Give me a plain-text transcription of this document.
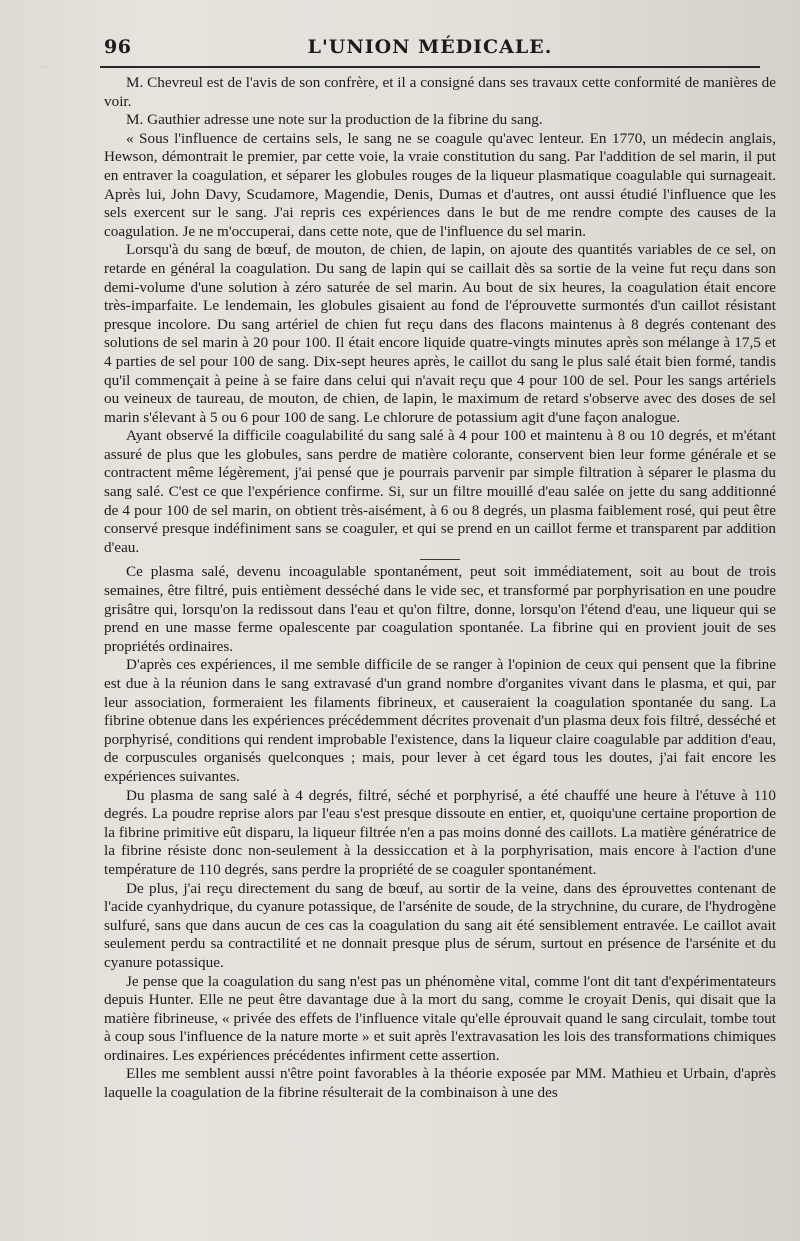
~
96	L'UNION MÉDICALE.

M. Chevreul est de l'avis de son confrère, et il a consigné dans ses travaux cette conformité de manières de voir.

M. Gauthier adresse une note sur la production de la fibrine du sang.

« Sous l'influence de certains sels, le sang ne se coagule qu'avec lenteur. En 1770, un médecin anglais, Hewson, démontrait le premier, par cette voie, la vraie constitution du sang. Par l'addition de sel marin, il put en entraver la coagulation, et séparer les globules rouges de la liqueur plasmatique coagulable qui surnageait. Après lui, John Davy, Scudamore, Magendie, Denis, Dumas et d'autres, ont aussi étudié l'influence que les sels exercent sur le sang. J'ai repris ces expériences dans le but de me rendre compte des causes de la coagulation. Je ne m'occuperai, dans cette note, que de l'influence du sel marin.

Lorsqu'à du sang de bœuf, de mouton, de chien, de lapin, on ajoute des quantités variables de ce sel, on retarde en général la coagulation. Du sang de lapin qui se caillait dès sa sortie de la veine fut reçu dans son demi-volume d'une solution à zéro saturée de sel marin. Au bout de six heures, la coagulation était encore très-imparfaite. Le lendemain, les globules gisaient au fond de l'éprouvette surmontés d'un caillot résistant presque incolore. Du sang artériel de chien fut reçu dans des flacons maintenus à 8 degrés contenant des solutions de sel marin à 20 pour 100. Il était encore liquide quatre-vingts minutes après son mélange à 17,5 et 4 parties de sel pour 100 de sang. Dix-sept heures après, le caillot du sang le plus salé était bien formé, tandis qu'il commençait à peine à se faire dans celui qui n'avait reçu que 4 pour 100 de sel. Pour les sangs artériels ou veineux de taureau, de mouton, de chien, de lapin, le maximum de retard s'observe avec des doses de sel marin s'élevant à 5 ou 6 pour 100 de sang. Le chlorure de potassium agit d'une façon analogue.

Ayant observé la difficile coagulabilité du sang salé à 4 pour 100 et maintenu à 8 ou 10 degrés, et m'étant assuré de plus que les globules, sans perdre de matière colorante, conservent bien leur forme générale et se contractent même légèrement, j'ai pensé que je pourrais parvenir par simple filtration à séparer le plasma du sang salé. C'est ce que l'expérience confirme. Si, sur un filtre mouillé d'eau salée on jette du sang additionné de 4 pour 100 de sel marin, on obtient très-aisément, à 6 ou 8 degrés, un plasma faiblement rosé, qui peut être conservé presque indéfiniment sans se coaguler, et qui se prend en un caillot ferme et transparent par addition d'eau.

Ce plasma salé, devenu incoagulable spontanément, peut soit immédiatement, soit au bout de trois semaines, être filtré, puis entièment desséché dans le vide sec, et transformé par porphyrisation en une poudre grisâtre qui, lorsqu'on la redissout dans l'eau et qu'on filtre, donne, lorsqu'on l'étend d'eau, une liqueur qui se prend en une masse ferme opalescente par coagulation spontanée. La fibrine qui en provient jouit de ses propriétés ordinaires.

D'après ces expériences, il me semble difficile de se ranger à l'opinion de ceux qui pensent que la fibrine est due à la réunion dans le sang extravasé d'un grand nombre d'organites vivant dans le plasma, et qui, par leur association, formeraient les filaments fibrineux, et causeraient la coagulation spontanée du sang. La fibrine obtenue dans les expériences précédemment décrites provenait d'un plasma deux fois filtré, desséché et porphyrisé, conditions qui rendent improbable l'existence, dans la liqueur claire coagulable par addition d'eau, de corpuscules organisés quelconques ; mais, pour lever à cet égard tous les doutes, j'ai fait encore les expériences suivantes.

Du plasma de sang salé à 4 degrés, filtré, séché et porphyrisé, a été chauffé une heure à l'étuve à 110 degrés. La poudre reprise alors par l'eau s'est presque dissoute en entier, et, quoiqu'une certaine proportion de la fibrine primitive eût disparu, la liqueur filtrée n'en a pas moins donné des caillots. La matière génératrice de la fibrine résiste donc non-seulement à la dessiccation et à la porphyrisation, mais encore à l'action d'une température de 110 degrés, sans perdre la propriété de se coaguler spontanément.

De plus, j'ai reçu directement du sang de bœuf, au sortir de la veine, dans des éprouvettes contenant de l'acide cyanhydrique, du cyanure potassique, de l'arsénite de soude, de la strychnine, du curare, de l'hydrogène sulfuré, sans que dans aucun de ces cas la coagulation du sang ait été sensiblement entravée. Le caillot avait seulement perdu sa contractilité et ne donnait presque plus de sérum, surtout en présence de l'arsénite et du cyanure potassique.

Je pense que la coagulation du sang n'est pas un phénomène vital, comme l'ont dit tant d'expérimentateurs depuis Hunter. Elle ne peut être davantage due à la mort du sang, comme le croyait Denis, qui disait que la matière fibrineuse, « privée des effets de l'influence vitale qu'elle éprouvait quand le sang circulait, tombe tout à coup sous l'influence de la nature morte » et suit après l'extravasation les lois des transformations chimiques ordinaires. Les expériences précédentes infirment cette assertion.

Elles me semblent aussi n'être point favorables à la théorie exposée par MM. Mathieu et Urbain, d'après laquelle la coagulation de la fibrine résulterait de la combinaison à une des
